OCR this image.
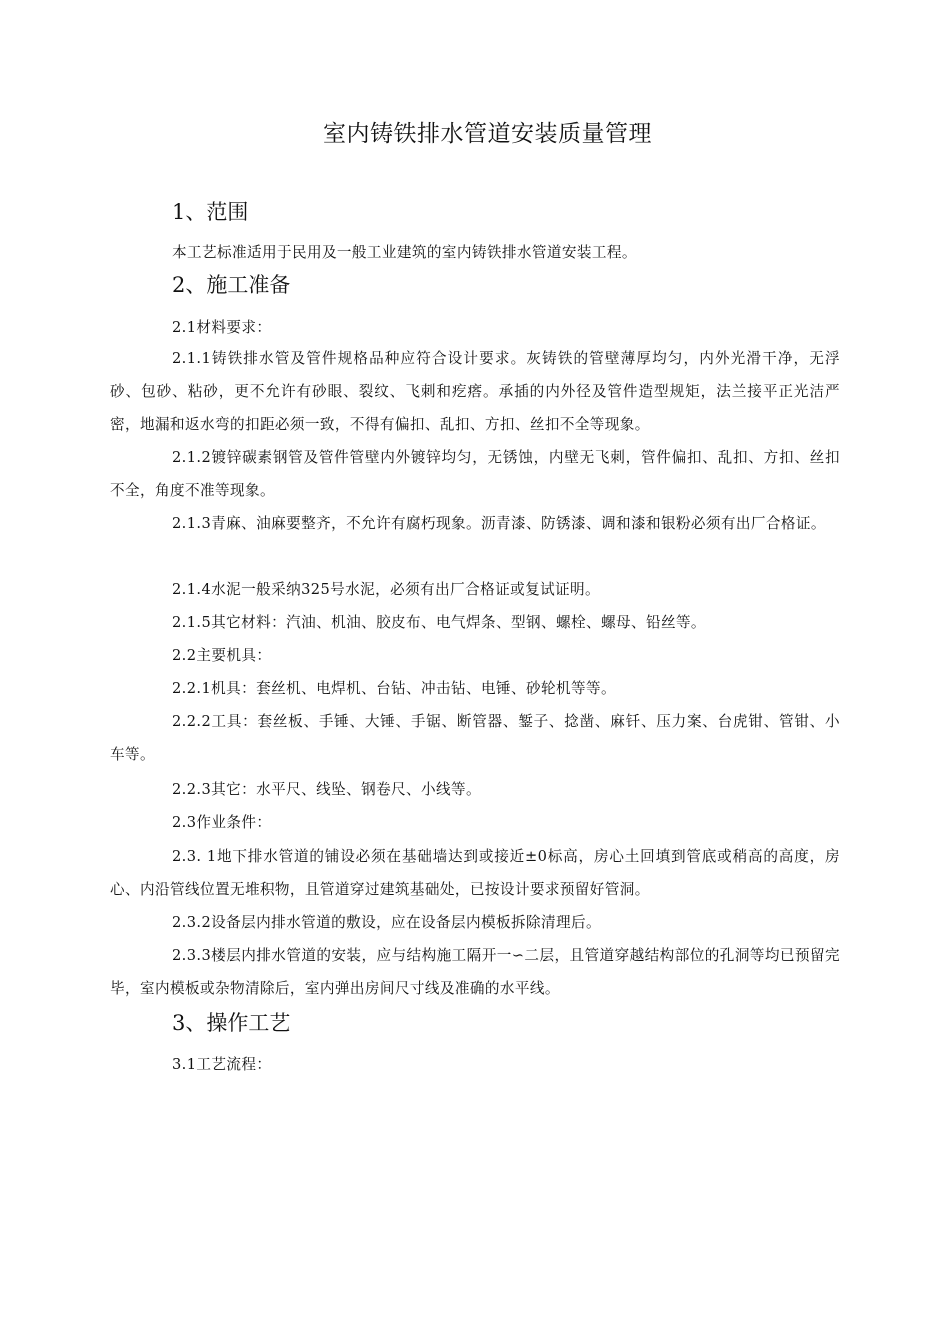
室内铸铁排水管道安装质量管理
1、范围
本工艺标准适用于民用及一般工业建筑的室内铸铁排水管道安装工程。
2、施工准备
2.1材料要求：
2.1.1铸铁排水管及管件规格品种应符合设计要求。灰铸铁的管壁薄厚均匀，内外光滑干净，无浮砂、包砂、粘砂，更不允许有砂眼、裂纹、飞刺和疙瘩。承插的内外径及管件造型规矩，法兰接平正光洁严密，地漏和返水弯的扣距必须一致，不得有偏扣、乱扣、方扣、丝扣不全等现象。
2.1.2镀锌碳素钢管及管件管壁内外镀锌均匀，无锈蚀，内壁无飞刺，管件偏扣、乱扣、方扣、丝扣不全，角度不准等现象。
2.1.3青麻、油麻要整齐，不允许有腐朽现象。沥青漆、防锈漆、调和漆和银粉必须有出厂合格证。
2.1.4水泥一般采纳325号水泥，必须有出厂合格证或复试证明。
2.1.5其它材料：汽油、机油、胶皮布、电气焊条、型钢、螺栓、螺母、铅丝等。
2.2主要机具：
2.2.1机具：套丝机、电焊机、台钻、冲击钻、电锤、砂轮机等等。
2.2.2工具：套丝板、手锤、大锤、手锯、断管器、錾子、捻凿、麻钎、压力案、台虎钳、管钳、小车等。
2.2.3其它：水平尺、线坠、钢卷尺、小线等。
2.3作业条件：
2.3. 1地下排水管道的铺设必须在基础墙达到或接近±0标高，房心土回填到管底或稍高的高度，房心、内沿管线位置无堆积物，且管道穿过建筑基础处，已按设计要求预留好管洞。
2.3.2设备层内排水管道的敷设，应在设备层内模板拆除清理后。
2.3.3楼层内排水管道的安装，应与结构施工隔开一∽二层，且管道穿越结构部位的孔洞等均已预留完毕，室内模板或杂物清除后，室内弹出房间尺寸线及准确的水平线。
3、操作工艺
3.1工艺流程：
